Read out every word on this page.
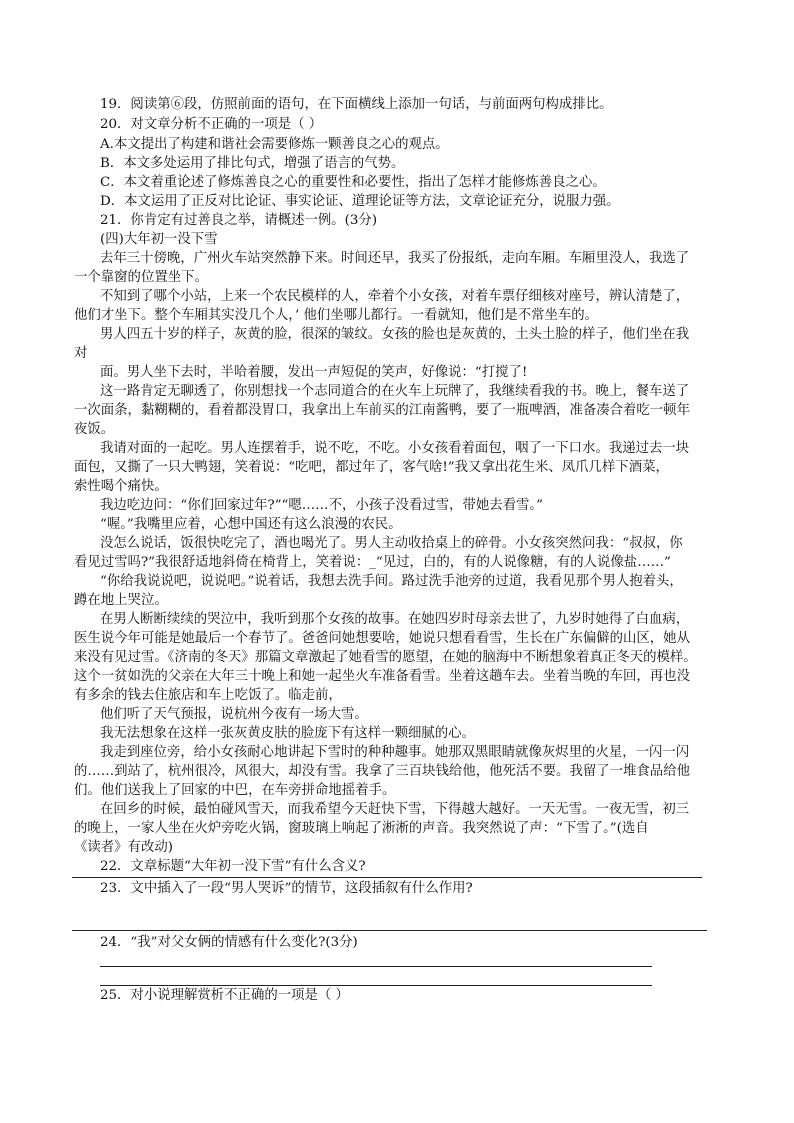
19．阅读第⑥段，仿照前面的语句，在下面横线上添加一句话，与前面两句构成排比。
20．对文章分析不正确的一项是（ ）
A.本文提出了构建和谐社会需要修炼一颗善良之心的观点。
B．本文多处运用了排比句式，增强了语言的气势。
C．本文着重论述了修炼善良之心的重要性和必要性，指出了怎样才能修炼善良之心。
D．本文运用了正反对比论证、事实论证、道理论证等方法，文章论证充分，说服力强。
21．你肯定有过善良之举，请概述一例。(3分)
(四)大年初一没下雪
去年三十傍晚，广州火车站突然静下来。时间还早，我买了份报纸，走向车厢。车厢里没人，我选了
一个靠窗的位置坐下。
不知到了哪个小站，上来一个农民模样的人，牵着个小女孩，对着车票仔细核对座号，辨认清楚了，
他们才坐下。整个车厢其实没几个人，’ 他们坐哪儿都行。一看就知，他们是不常坐车的。
男人四五十岁的样子，灰黄的脸，很深的皱纹。女孩的脸也是灰黄的，土头土脸的样子，他们坐在我
对
面。男人坐下去时，半哈着腰，发出一声短促的笑声，好像说：“打搅了!
这一路肯定无聊透了，你别想找一个志同道合的在火车上玩牌了，我继续看我的书。晚上，餐车送了
一次面条，黏糊糊的，看着都没胃口，我拿出上车前买的江南酱鸭，要了一瓶啤酒，准备凑合着吃一顿年
夜饭。
我请对面的一起吃。男人连摆着手，说不吃，不吃。小女孩看着面包，咽了一下口水。我递过去一块
面包，又撕了一只大鸭翅，笑着说：“吃吧，都过年了，客气啥!”我又拿出花生米、凤爪几样下酒菜，
索性喝个痛快。
我边吃边问：“你们回家过年?”“嗯……不，小孩子没看过雪，带她去看雪。”
“喔。”我嘴里应着，心想中国还有这么浪漫的农民。
没怎么说话，饭很快吃完了，酒也喝光了。男人主动收拾桌上的碎骨。小女孩突然问我：“叔叔，你
看见过雪吗?”我很舒适地斜倚在椅背上，笑着说：_“见过，白的，有的人说像糖，有的人说像盐……”
“你给我说说吧，说说吧。”说着话，我想去洗手间。路过洗手池旁的过道，我看见那个男人抱着头，
蹲在地上哭泣。
在男人断断续续的哭泣中，我听到那个女孩的故事。在她四岁时母亲去世了，九岁时她得了白血病，
医生说今年可能是她最后一个春节了。爸爸问她想要啥，她说只想看看雪，生长在广东偏僻的山区，她从
来没有见过雪。《济南的冬天》那篇文章激起了她看雪的愿望，在她的脑海中不断想象着真正冬天的模样。
这个一贫如洗的父亲在大年三十晚上和她一起坐火车准备看雪。坐着这趟车去。坐着当晚的车回，再也没
有多余的钱去住旅店和车上吃饭了。临走前，
他们听了天气预报，说杭州今夜有一场大雪。
我无法想象在这样一张灰黄皮肤的脸庞下有这样一颗细腻的心。
我走到座位旁，给小女孩耐心地讲起下雪时的种种趣事。她那双黑眼睛就像灰烬里的火星，一闪一闪
的……到站了，杭州很冷，风很大，却没有雪。我拿了三百块钱给他，他死活不要。我留了一堆食品给他
们。他们送我上了回家的中巴，在车旁拼命地摇着手。
在回乡的时候，最怕碰风雪天，而我希望今天赶快下雪，下得越大越好。一天无雪。一夜无雪，初三
的晚上，一家人坐在火炉旁吃火锅，窗玻璃上响起了淅淅的声音。我突然说了声：“下雪了。”(选自
《读者》有改动)
22．文章标题“大年初一没下雪”有什么含义?
23．文中插入了一段“男人哭诉”的情节，这段插叙有什么作用?
24．“我”对父女俩的情感有什么变化?(3分)
25．对小说理解赏析不正确的一项是（ ）
